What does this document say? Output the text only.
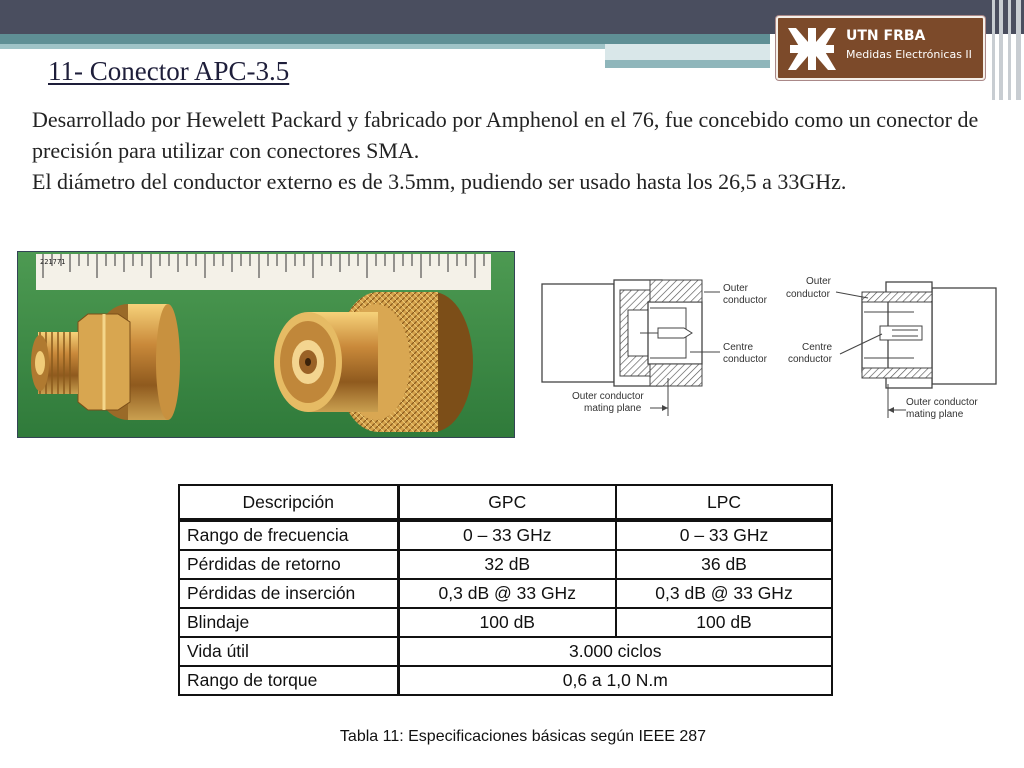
UTN FRBA
Medidas Electrónicas II
11- Conector APC-3.5

Desarrollado por Hewelett Packard y fabricado por Amphenol en el 76, fue concebido como un conector de precisión para utilizar con conectores SMA.

El diámetro del conductor externo es de 3.5mm, pudiendo ser usado hasta los 26,5 a 33GHz.

221771
Outer
conductor
Centre
conductor
Outer conductor
mating plane
Outer
conductor
Centre
conductor
Outer conductor
mating plane
Descripción	GPC	LPC
Rango de frecuencia	0 – 33 GHz	0 – 33 GHz
Pérdidas de retorno	32 dB	36 dB
Pérdidas de inserción	0,3 dB @ 33 GHz	0,3 dB @ 33 GHz
Blindaje	100 dB	100 dB
Vida útil	3.000 ciclos	
Rango de torque	0,6 a 1,0 N.m	
Tabla 11: Especificaciones básicas según IEEE 287
